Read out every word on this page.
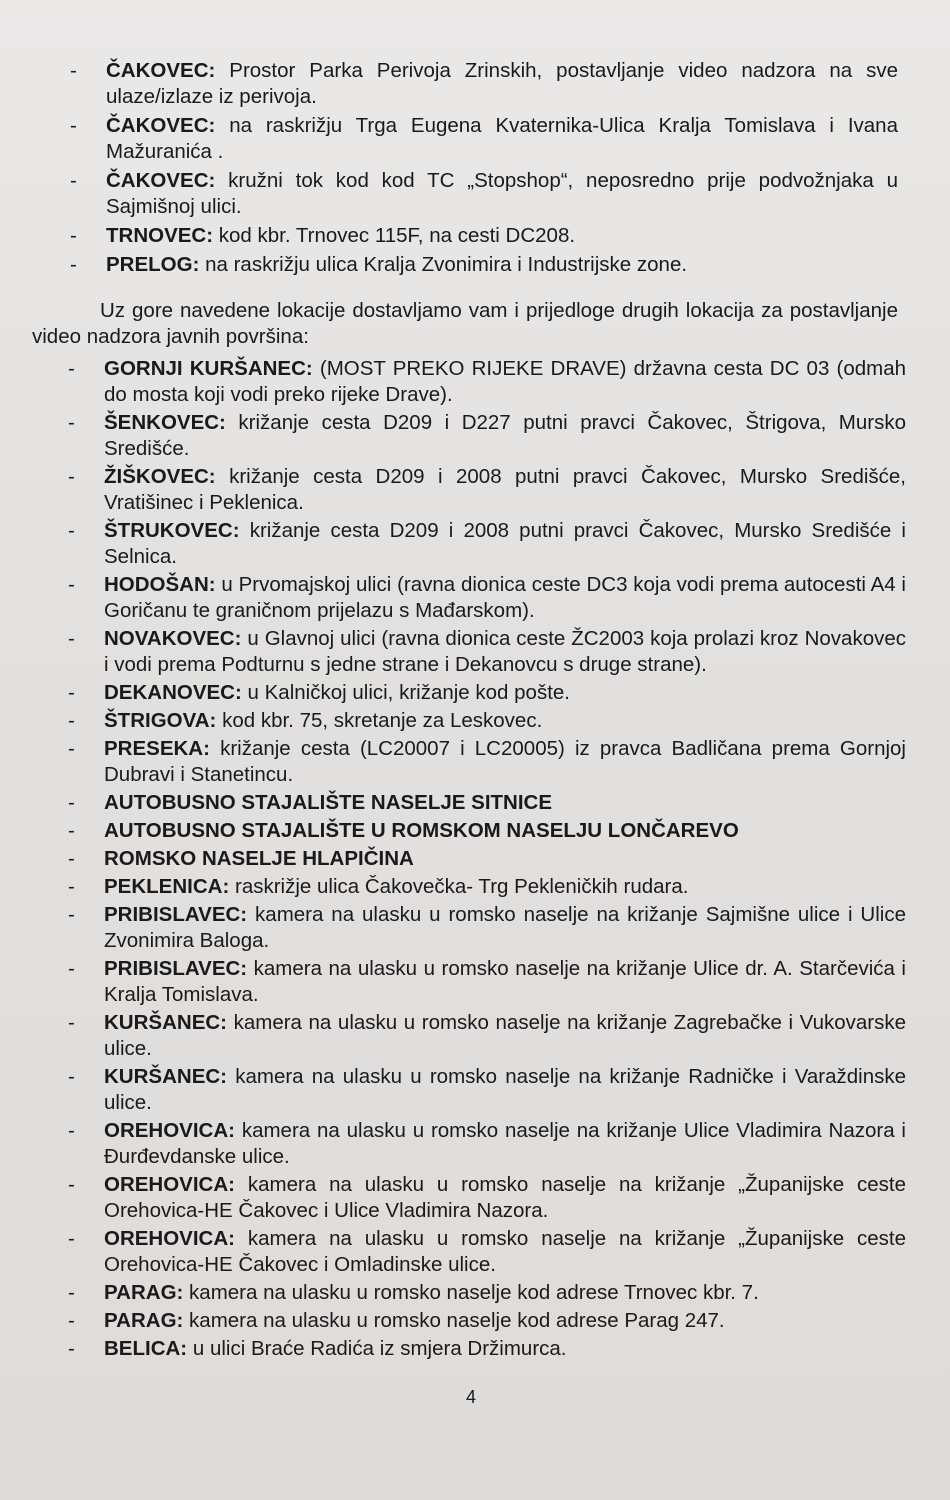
- ČAKOVEC: Prostor Parka Perivoja Zrinskih, postavljanje video nadzora na sve ulaze/izlaze iz perivoja.
- ČAKOVEC: na raskrižju Trga Eugena Kvaternika-Ulica Kralja Tomislava i Ivana Mažuranića .
- ČAKOVEC: kružni tok kod kod TC „Stopshop“, neposredno prije podvožnjaka u Sajmišnoj ulici.
- TRNOVEC: kod kbr. Trnovec 115F, na cesti DC208.
- PRELOG: na raskrižju ulica Kralja Zvonimira i Industrijske zone.
Uz gore navedene lokacije dostavljamo vam i prijedloge drugih lokacija za postavljanje video nadzora javnih površina:
- GORNJI KURŠANEC: (MOST PREKO RIJEKE DRAVE) državna cesta DC 03 (odmah do mosta koji vodi preko rijeke Drave).
- ŠENKOVEC: križanje cesta D209 i D227 putni pravci Čakovec, Štrigova, Mursko Središće.
- ŽIŠKOVEC: križanje cesta D209 i 2008 putni pravci Čakovec, Mursko Središće, Vratišinec i Peklenica.
- ŠTRUKOVEC: križanje cesta D209 i 2008 putni pravci Čakovec, Mursko Središće i Selnica.
- HODOŠAN: u Prvomajskoj ulici (ravna dionica ceste DC3 koja vodi prema autocesti A4 i Goričanu te graničnom prijelazu s Mađarskom).
- NOVAKOVEC: u Glavnoj ulici (ravna dionica ceste ŽC2003 koja prolazi kroz Novakovec i vodi prema Podturnu s jedne strane i Dekanovcu s druge strane).
- DEKANOVEC: u Kalničkoj ulici, križanje kod pošte.
- ŠTRIGOVA: kod kbr. 75, skretanje za Leskovec.
- PRESEKA: križanje cesta (LC20007 i LC20005) iz pravca Badličana prema Gornjoj Dubravi i Stanetincu.
- AUTOBUSNO STAJALIŠTE NASELJE SITNICE
- AUTOBUSNO STAJALIŠTE U ROMSKOM NASELJU LONČAREVO
- ROMSKO NASELJE HLAPIČINA
- PEKLENICA: raskrižje ulica Čakovečka- Trg Pekleničkih rudara.
- PRIBISLAVEC: kamera na ulasku u romsko naselje na križanje Sajmišne ulice i Ulice Zvonimira Baloga.
- PRIBISLAVEC: kamera na ulasku u romsko naselje na križanje Ulice dr. A. Starčevića i Kralja Tomislava.
- KURŠANEC: kamera na ulasku u romsko naselje na križanje Zagrebačke i Vukovarske ulice.
- KURŠANEC: kamera na ulasku u romsko naselje na križanje Radničke i Varaždinske ulice.
- OREHOVICA: kamera na ulasku u romsko naselje na križanje Ulice Vladimira Nazora i Đurđevdanske ulice.
- OREHOVICA: kamera na ulasku u romsko naselje na križanje „Županijske ceste Orehovica-HE Čakovec i Ulice Vladimira Nazora.
- OREHOVICA: kamera na ulasku u romsko naselje na križanje „Županijske ceste Orehovica-HE Čakovec i Omladinske ulice.
- PARAG: kamera na ulasku u romsko naselje kod adrese Trnovec kbr. 7.
- PARAG: kamera na ulasku u romsko naselje kod adrese Parag 247.
- BELICA: u ulici Braće Radića iz smjera Držimurca.
4
